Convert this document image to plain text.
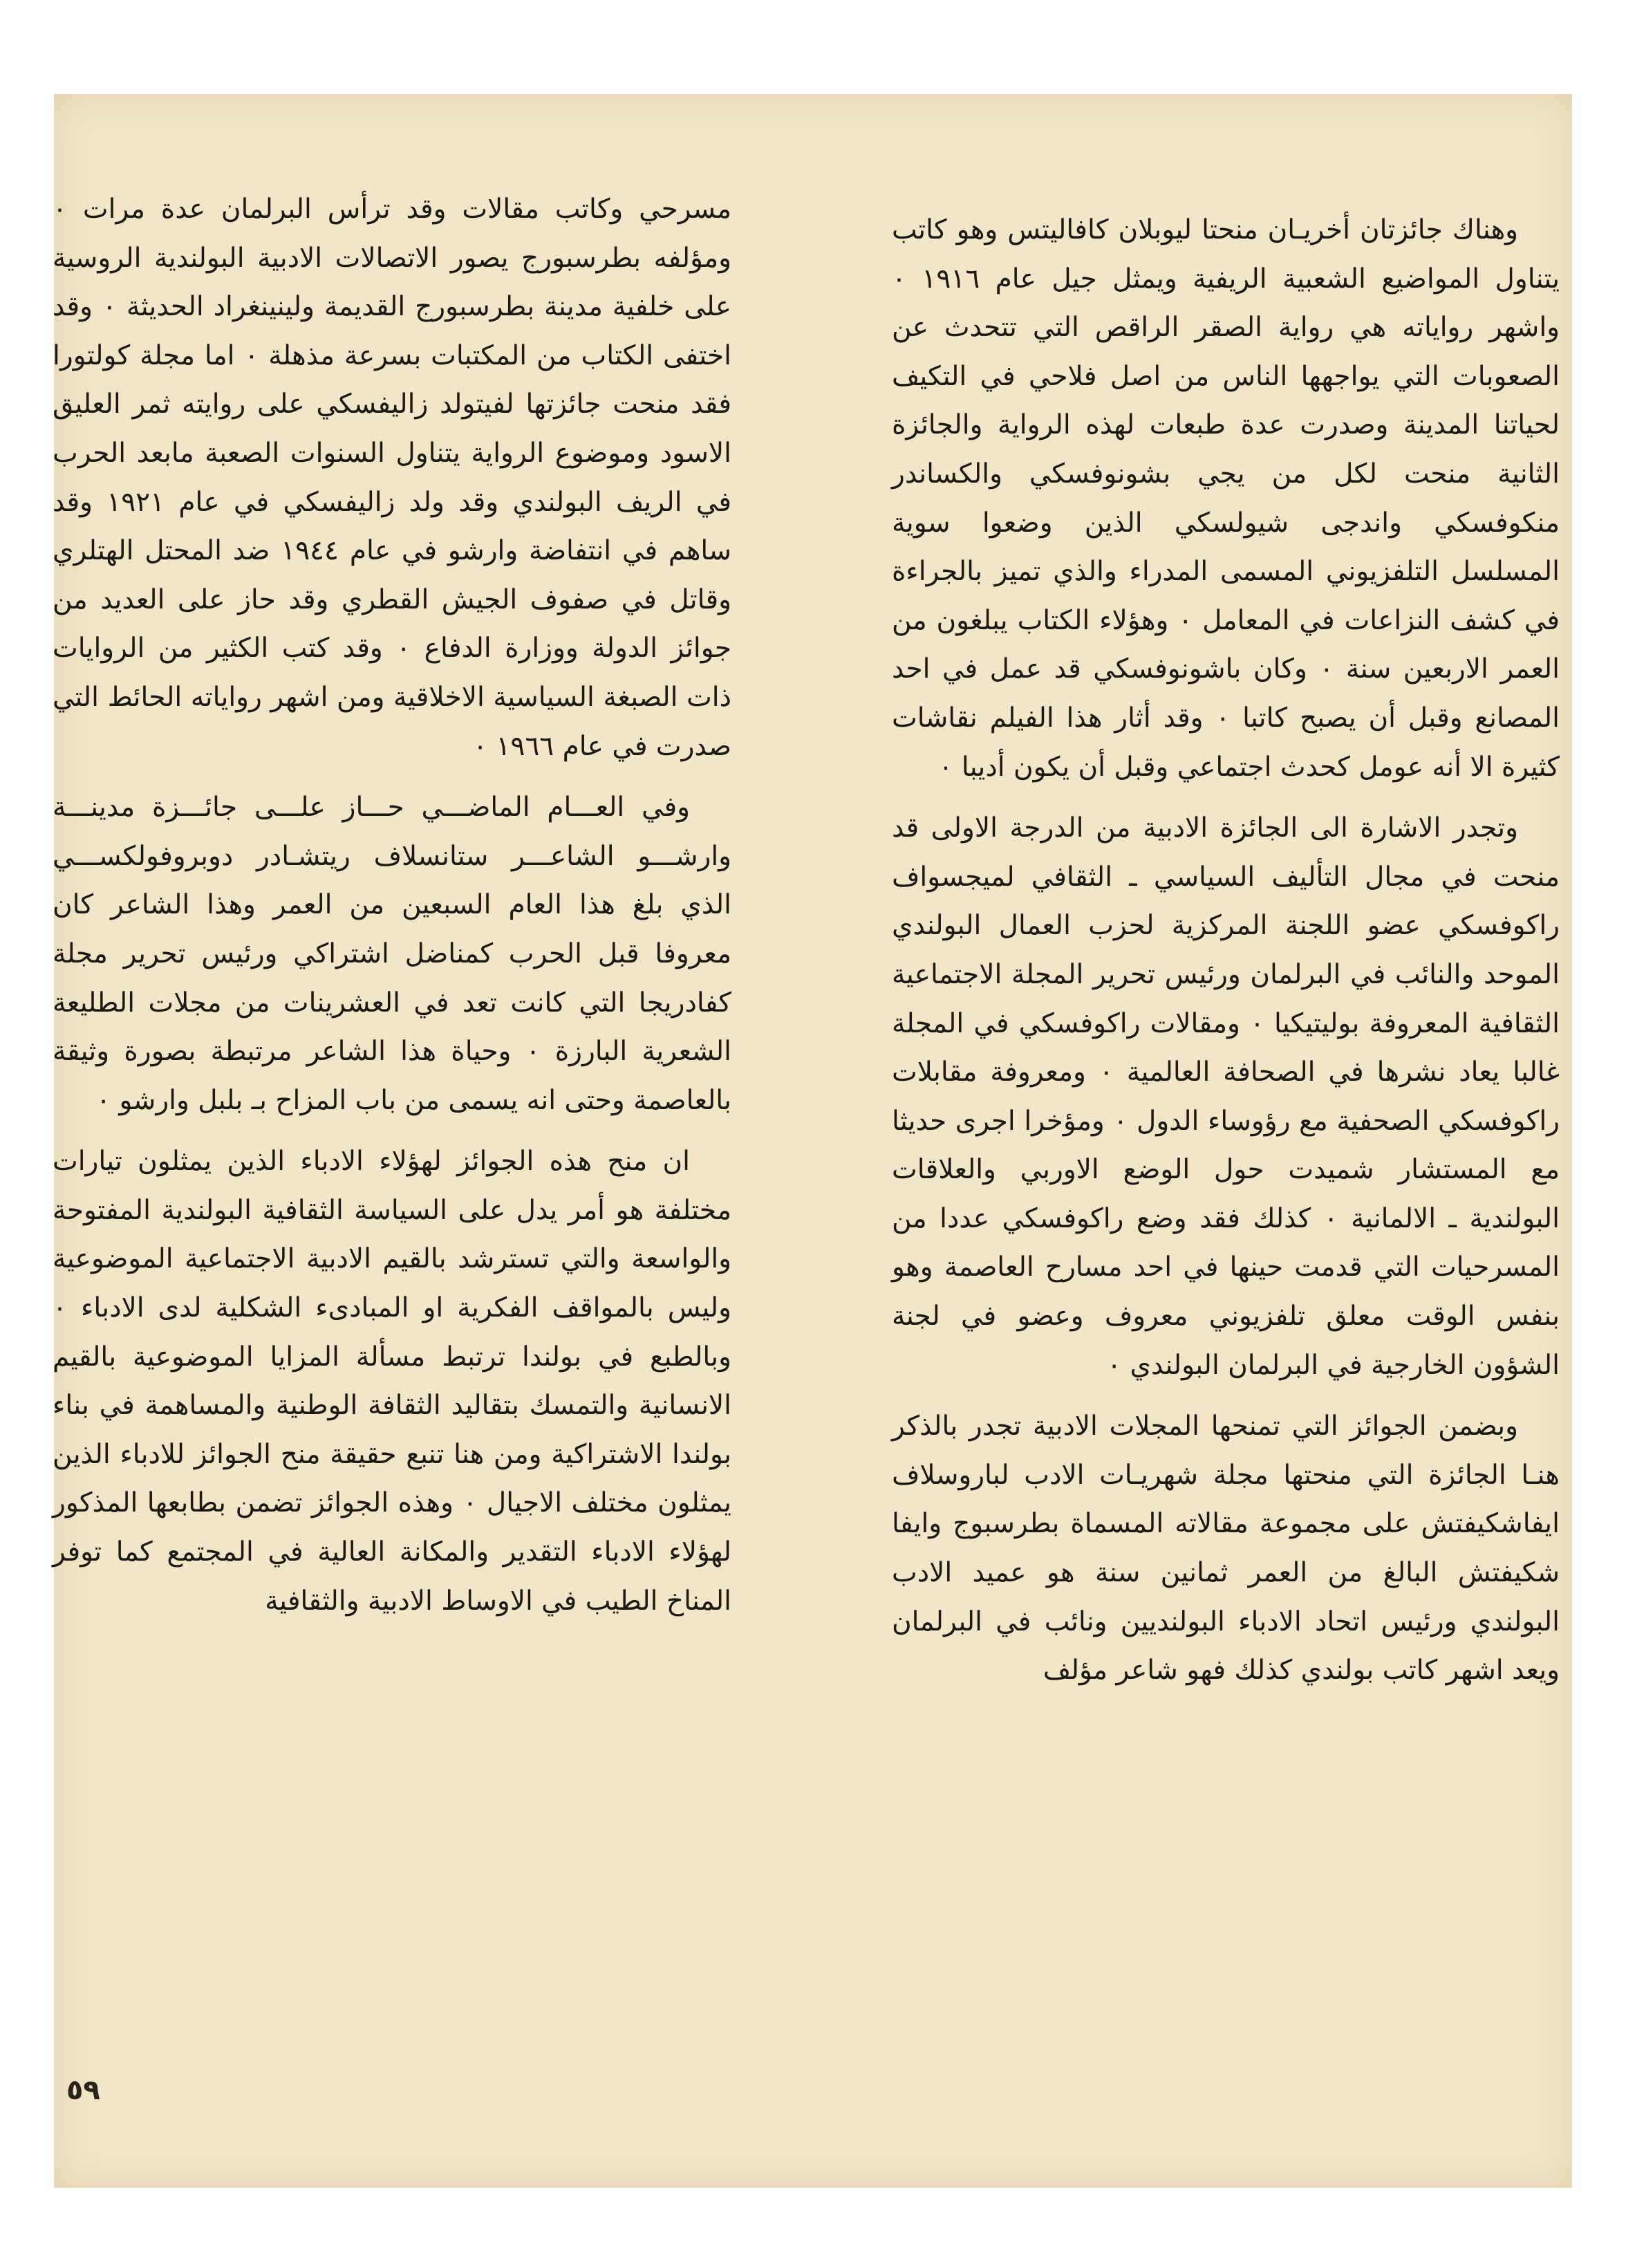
وهناك جائزتان أخريـان منحتا ليوبلان كافاليتس وهو كاتب يتناول المواضيع الشعبية الريفية ويمثل جيل عام ١٩١٦ ٠ واشهر رواياته هي رواية الصقر الراقص التي تتحدث عن الصعوبات التي يواجهها الناس من اصل فلاحي في التكيف لحياتنا المدينة وصدرت عدة طبعات لهذه الرواية والجائزة الثانية منحت لكل من يجي بشونوفسكي والكساندر منكوفسكي واندجى شيولسكي الذين وضعوا سوية المسلسل التلفزيوني المسمى المدراء والذي تميز بالجراءة في كشف النزاعات في المعامل ٠ وهؤلاء الكتاب يبلغون من العمر الاربعين سنة ٠ وكان باشونوفسكي قد عمل في احد المصانع وقبل أن يصبح كاتبا ٠ وقد أثار هذا الفيلم نقاشات كثيرة الا أنه عومل كحدث اجتماعي وقبل أن يكون أديبا ٠

وتجدر الاشارة الى الجائزة الادبية من الدرجة الاولى قد منحت في مجال التأليف السياسي ـ الثقافي لميجسواف راكوفسكي عضو اللجنة المركزية لحزب العمال البولندي الموحد والنائب في البرلمان ورئيس تحرير المجلة الاجتماعية الثقافية المعروفة بوليتيكيا ٠ ومقالات راكوفسكي في المجلة غالبا يعاد نشرها في الصحافة العالمية ٠ ومعروفة مقابلات راكوفسكي الصحفية مع رؤوساء الدول ٠ ومؤخرا اجرى حديثا مع المستشار شميدت حول الوضع الاوربي والعلاقات البولندية ـ الالمانية ٠ كذلك فقد وضع راكوفسكي عددا من المسرحيات التي قدمت حينها في احد مسارح العاصمة وهو بنفس الوقت معلق تلفزيوني معروف وعضو في لجنة الشؤون الخارجية في البرلمان البولندي ٠

وبضمن الجوائز التي تمنحها المجلات الادبية تجدر بالذكر هنـا الجائزة التي منحتها مجلة شهريـات الادب لباروسلاف ايفاشكيفتش على مجموعة مقالاته المسماة بطرسبوج وايفا شكيفتش البالغ من العمر ثمانين سنة هو عميد الادب البولندي ورئيس اتحاد الادباء البولنديين ونائب في البرلمان ويعد اشهر كاتب بولندي كذلك فهو شاعر مؤلف

مسرحي وكاتب مقالات وقد ترأس البرلمان عدة مرات ٠ ومؤلفه بطرسبورج يصور الاتصالات الادبية البولندية الروسية على خلفية مدينة بطرسبورج القديمة ولينينغراد الحديثة ٠ وقد اختفى الكتاب من المكتبات بسرعة مذهلة ٠ اما مجلة كولتورا فقد منحت جائزتها لفيتولد زاليفسكي على روايته ثمر العليق الاسود وموضوع الرواية يتناول السنوات الصعبة مابعد الحرب في الريف البولندي وقد ولد زاليفسكي في عام ١٩٢١ وقد ساهم في انتفاضة وارشو في عام ١٩٤٤ ضد المحتل الهتلري وقاتل في صفوف الجيش القطري وقد حاز على العديد من جوائز الدولة ووزارة الدفاع ٠ وقد كتب الكثير من الروايات ذات الصبغة السياسية الاخلاقية ومن اشهر رواياته الحائط التي صدرت في عام ١٩٦٦ ٠

وفي العـــام الماضـــي حـــاز علـــى جائـــزة مدينـــة وارشـــو الشاعـــر ستانسلاف ريتشـادر دوبروفولكســـي الذي بلغ هذا العام السبعين من العمر وهذا الشاعر كان معروفا قبل الحرب كمناضل اشتراكي ورئيس تحرير مجلة كفادريجا التي كانت تعد في العشرينات من مجلات الطليعة الشعرية البارزة ٠ وحياة هذا الشاعر مرتبطة بصورة وثيقة بالعاصمة وحتى انه يسمى من باب المزاح بـ بلبل وارشو ٠

ان منح هذه الجوائز لهؤلاء الادباء الذين يمثلون تيارات مختلفة هو أمر يدل على السياسة الثقافية البولندية المفتوحة والواسعة والتي تسترشد بالقيم الادبية الاجتماعية الموضوعية وليس بالمواقف الفكرية او المبادىء الشكلية لدى الادباء ٠ وبالطبع في بولندا ترتبط مسألة المزايا الموضوعية بالقيم الانسانية والتمسك بتقاليد الثقافة الوطنية والمساهمة في بناء بولندا الاشتراكية ومن هنا تنبع حقيقة منح الجوائز للادباء الذين يمثلون مختلف الاجيال ٠ وهذه الجوائز تضمن بطابعها المذكور لهؤلاء الادباء التقدير والمكانة العالية في المجتمع كما توفر المناخ الطيب في الاوساط الادبية والثقافية

٥٩
